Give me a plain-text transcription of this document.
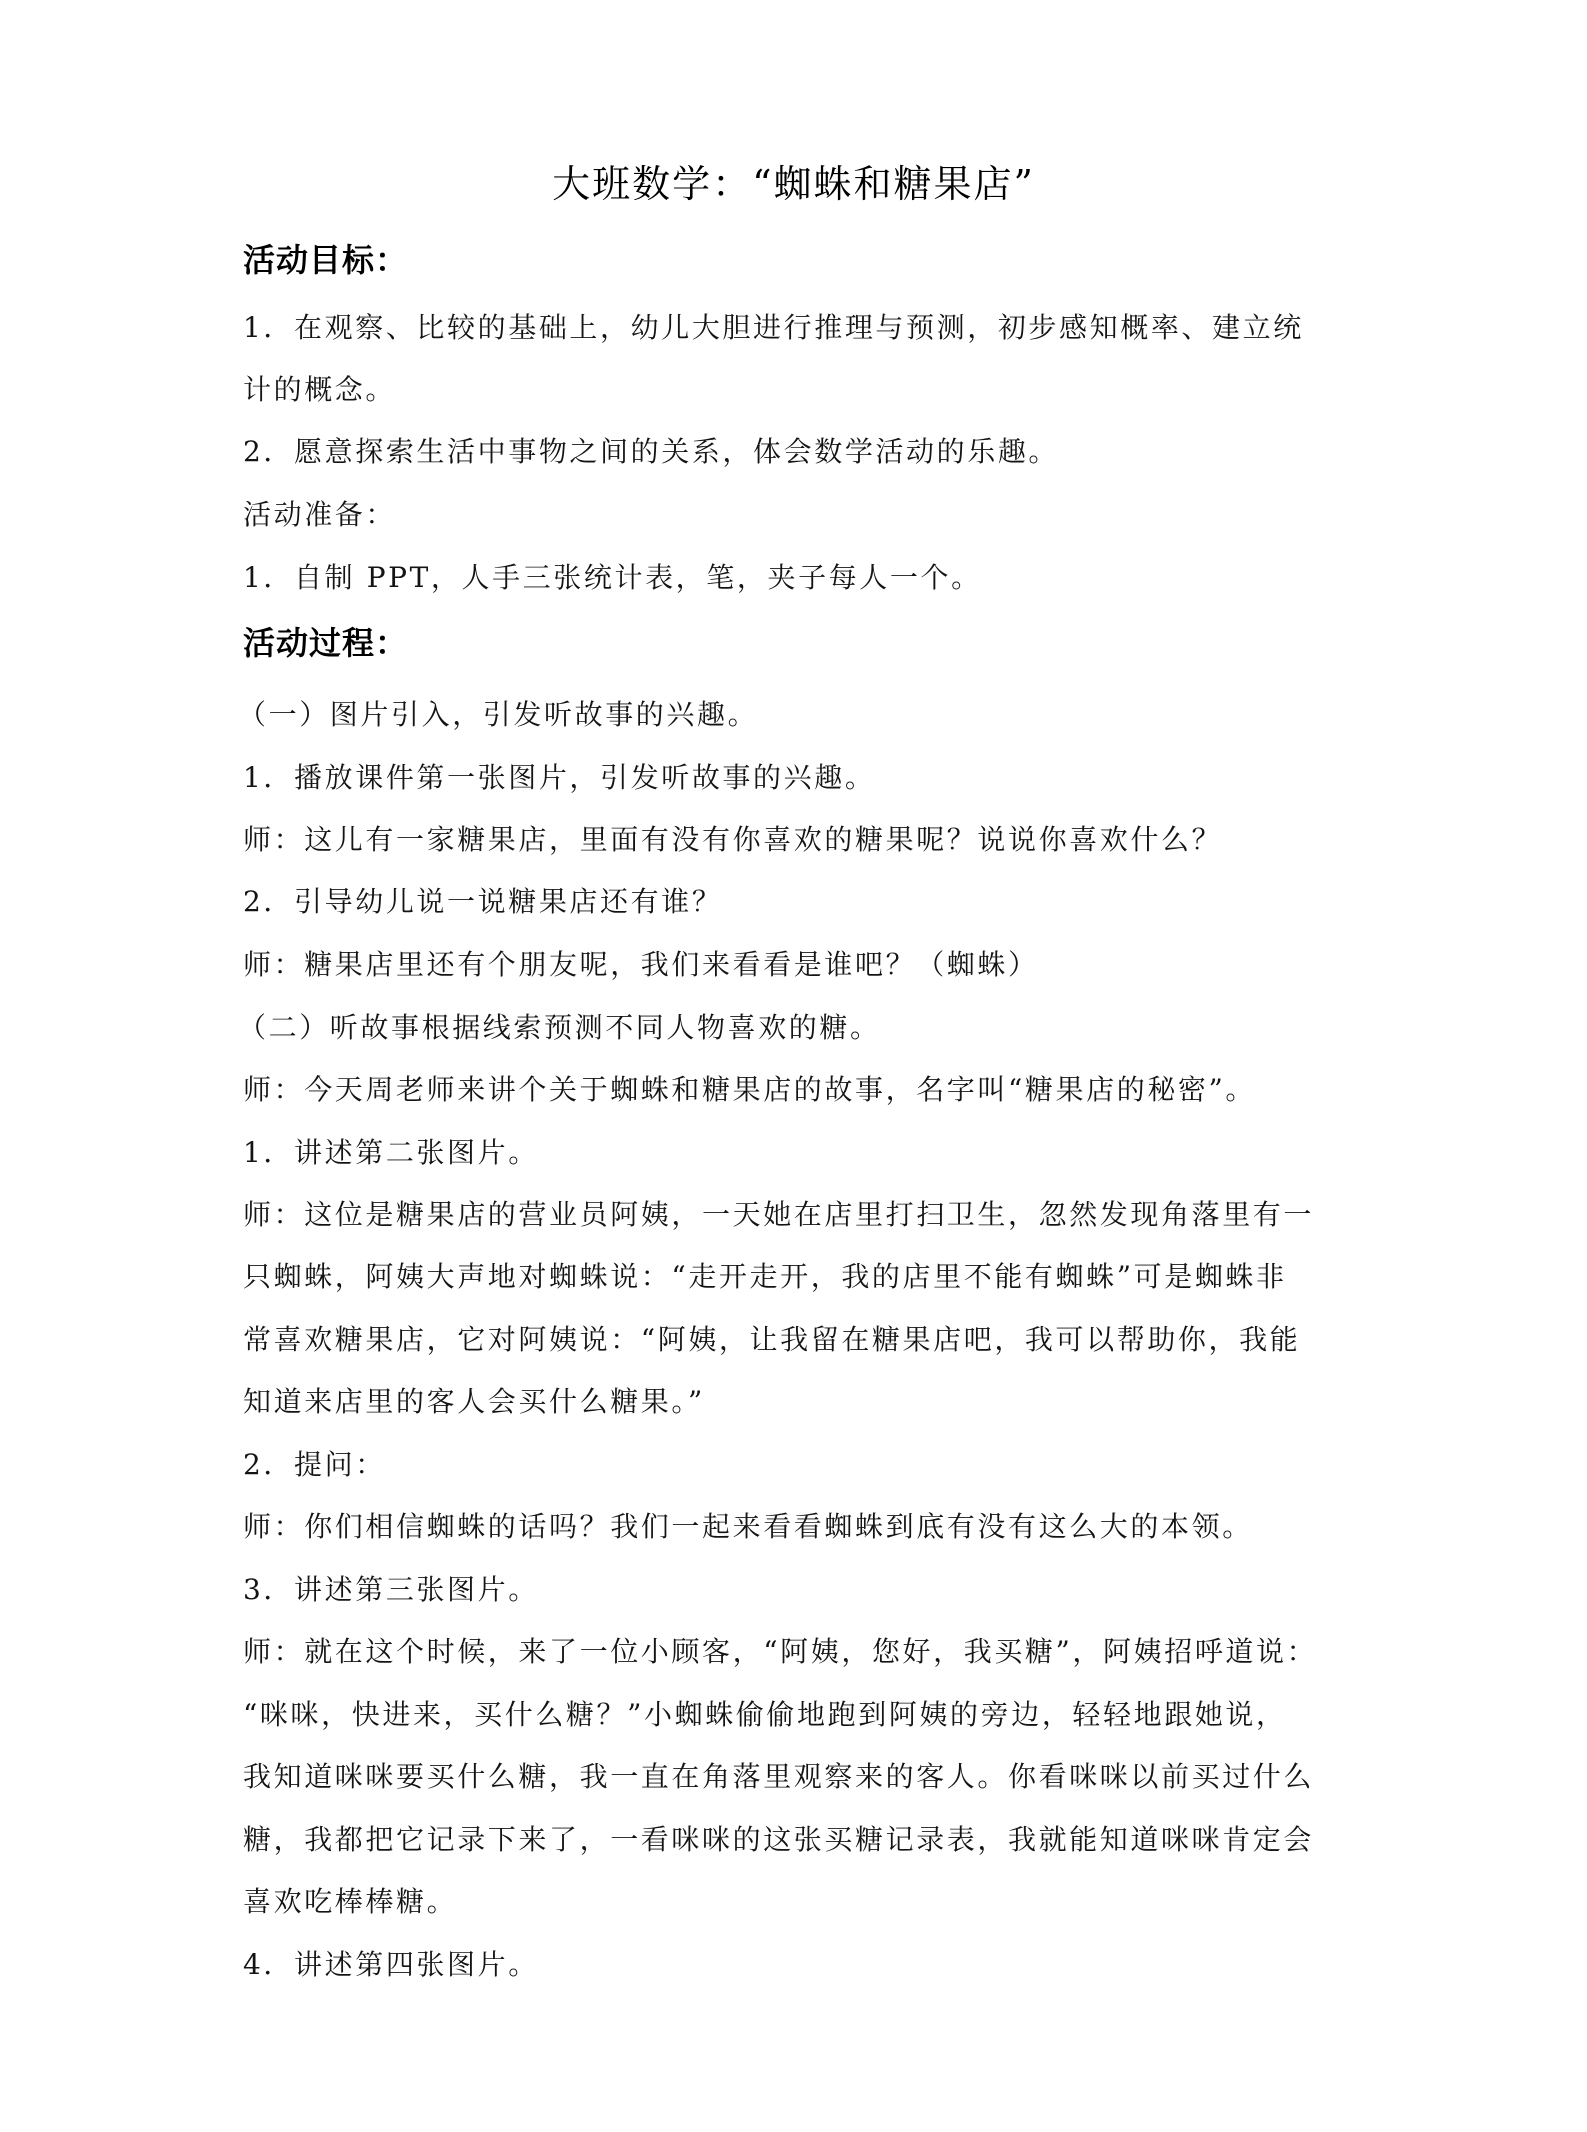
大班数学：“蜘蛛和糖果店”
活动目标：
1．在观察、比较的基础上，幼儿大胆进行推理与预测，初步感知概率、建立统
计的概念。
2．愿意探索生活中事物之间的关系，体会数学活动的乐趣。
活动准备：
1．自制 PPT，人手三张统计表，笔，夹子每人一个。
活动过程：
（一）图片引入，引发听故事的兴趣。
1．播放课件第一张图片，引发听故事的兴趣。
师：这儿有一家糖果店，里面有没有你喜欢的糖果呢？说说你喜欢什么？
2．引导幼儿说一说糖果店还有谁？
师：糖果店里还有个朋友呢，我们来看看是谁吧？（蜘蛛）
（二）听故事根据线索预测不同人物喜欢的糖。
师：今天周老师来讲个关于蜘蛛和糖果店的故事，名字叫“糖果店的秘密”。
1．讲述第二张图片。
师：这位是糖果店的营业员阿姨，一天她在店里打扫卫生，忽然发现角落里有一
只蜘蛛，阿姨大声地对蜘蛛说：“走开走开，我的店里不能有蜘蛛”可是蜘蛛非
常喜欢糖果店，它对阿姨说：“阿姨，让我留在糖果店吧，我可以帮助你，我能
知道来店里的客人会买什么糖果。”
2．提问：
师：你们相信蜘蛛的话吗？我们一起来看看蜘蛛到底有没有这么大的本领。
3．讲述第三张图片。
师：就在这个时候，来了一位小顾客，“阿姨，您好，我买糖”，阿姨招呼道说：
“咪咪，快进来，买什么糖？”小蜘蛛偷偷地跑到阿姨的旁边，轻轻地跟她说，
我知道咪咪要买什么糖，我一直在角落里观察来的客人。你看咪咪以前买过什么
糖，我都把它记录下来了，一看咪咪的这张买糖记录表，我就能知道咪咪肯定会
喜欢吃棒棒糖。
4．讲述第四张图片。
